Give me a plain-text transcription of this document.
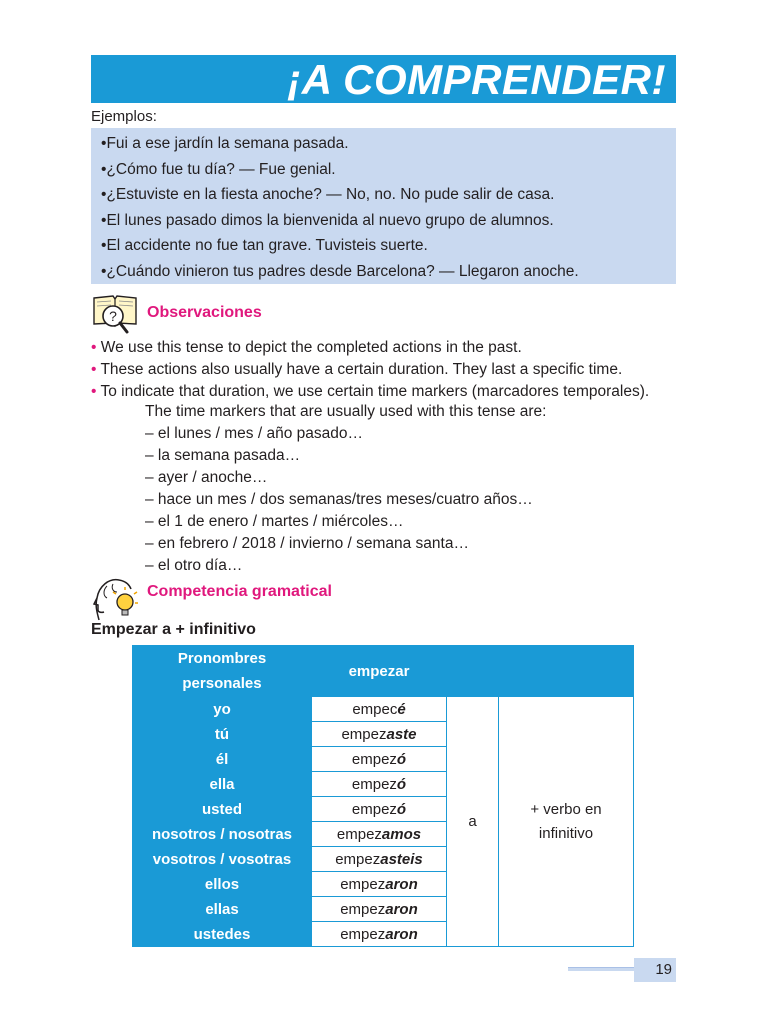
¡A COMPRENDER!
Ejemplos:
• Fui a ese jardín la semana pasada.
• ¿Cómo fue tu día? — Fue genial.
• ¿Estuviste en la fiesta anoche? — No, no. No pude salir de casa.
• El lunes pasado dimos la bienvenida al nuevo grupo de alumnos.
• El accidente no fue tan grave. Tuvisteis suerte.
• ¿Cuándo vinieron tus padres desde Barcelona? — Llegaron anoche.
? Observaciones
• We use this tense to depict the completed actions in the past.
• These actions also usually have a certain duration. They last a specific time.
• To indicate that duration, we use certain time markers (marcadores temporales).
The time markers that are usually used with this tense are:
– el lunes / mes / año pasado…
– la semana pasada…
– ayer / anoche…
– hace un mes / dos semanas/tres meses/cuatro años…
– el 1 de enero / martes / miércoles…
– en febrero / 2018 / invierno / semana santa…
– el otro día…
Competencia gramatical
Empezar a + infinitivo
Pronombres
personales	empezar		
yo	empecé	a	+ verbo en
infinitivo
tú	empezaste		
él	empezó		
ella	empezó		
usted	empezó		
nosotros / nosotras	empezamos		
vosotros / vosotras	empezasteis		
ellos	empezaron		
ellas	empezaron		
ustedes	empezaron		
19
